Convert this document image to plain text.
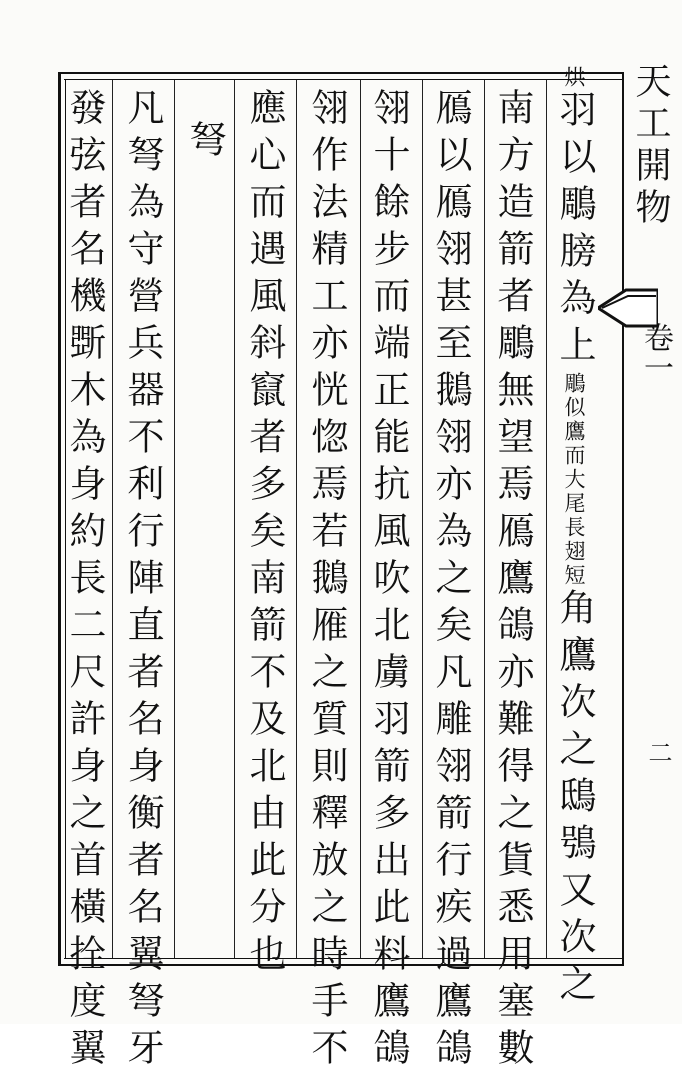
天工開物
卷一
二
烘羽以鵰膀為上鵰似鷹而大尾長翅短角鷹次之鴟鴞又次之
南方造箭者鵰無望焉鴈鷹鴿亦難得之貨悉用塞數
鴈以鴈翎甚至鵝翎亦為之矣凡雕翎箭行疾過鷹鴿
翎十餘步而端正能抗風吹北虜羽箭多出此料鷹鴿
翎作法精工亦恍惚焉若鵝雁之質則釋放之時手不
應心而遇風斜竄者多矣南箭不及北由此分也
弩
凡弩為守營兵器不利行陣直者名身衡者名翼弩牙
發弦者名機斲木為身約長二尺許身之首橫拴度翼
